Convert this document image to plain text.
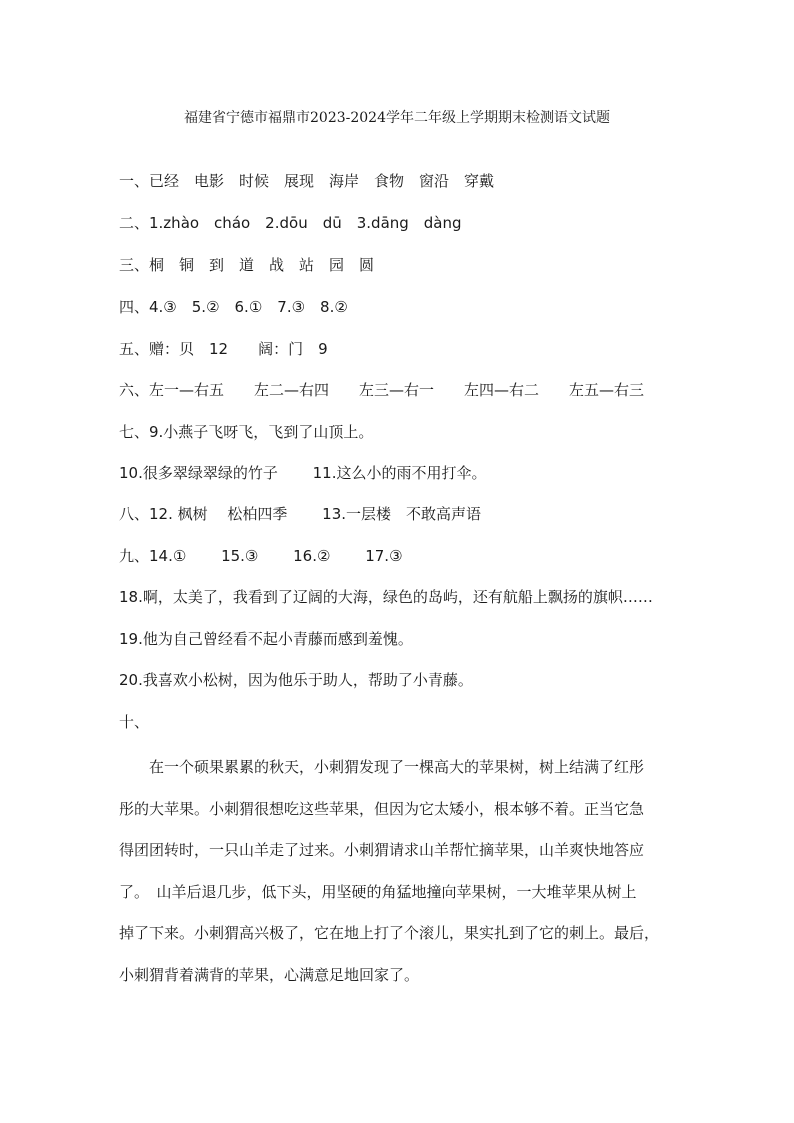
福建省宁德市福鼎市2023-2024学年二年级上学期期末检测语文试题
一、已经　电影　时候　展现　海岸　食物　窗沿　穿戴
二、1.zhào　cháo　2.dōu　dū　3.dāng　dàng
三、桐　铜　到　道　战　站　园　圆
四、4.③　5.②　6.①　7.③　8.②
五、赠：贝　12　　阔：门　9
六、左一—右五　　左二—右四　　左三—右一　　左四—右二　　左五—右三
七、9.小燕子飞呀飞，飞到了山顶上。
10.很多翠绿翠绿的竹子　　 11.这么小的雨不用打伞。
八、12. 枫树　 松柏四季　　 13.一层楼　不敢高声语
九、14.①　　 15.③　　 16.②　　 17.③
18.啊，太美了，我看到了辽阔的大海，绿色的岛屿，还有航船上飘扬的旗帜……
19.他为自己曾经看不起小青藤而感到羞愧。
20.我喜欢小松树，因为他乐于助人，帮助了小青藤。
十、
　　在一个硕果累累的秋天，小刺猬发现了一棵高大的苹果树，树上结满了红彤
彤的大苹果。小刺猬很想吃这些苹果，但因为它太矮小，根本够不着。正当它急
得团团转时，一只山羊走了过来。小刺猬请求山羊帮忙摘苹果，山羊爽快地答应
了。　山羊后退几步，低下头，用坚硬的角猛地撞向苹果树，一大堆苹果从树上
掉了下来。小刺猬高兴极了，它在地上打了个滚儿，果实扎到了它的刺上。最后，
小刺猬背着满背的苹果，心满意足地回家了。
